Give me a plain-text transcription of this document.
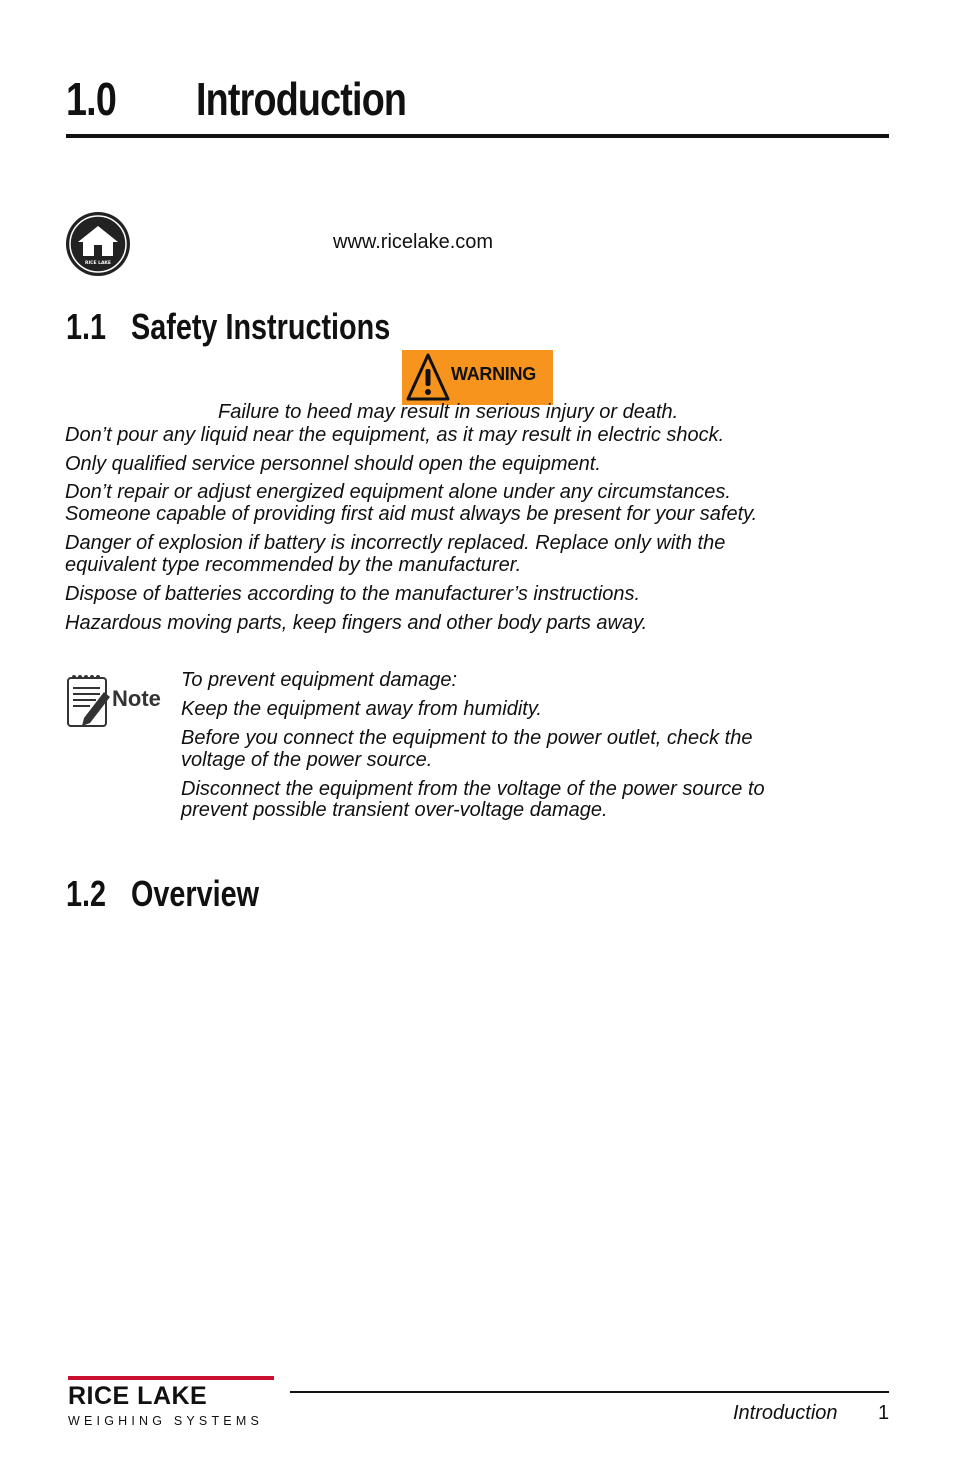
1.0 Introduction
RICE LAKE
www.ricelake.com
1.1 Safety Instructions
WARNING
Failure to heed may result in serious injury or death.
Don’t pour any liquid near the equipment, as it may result in electric shock.
Only qualified service personnel should open the equipment.
Don’t repair or adjust energized equipment alone under any circumstances.
Someone capable of providing first aid must always be present for your safety.
Danger of explosion if battery is incorrectly replaced. Replace only with the
equivalent type recommended by the manufacturer.
Dispose of batteries according to the manufacturer’s instructions.
Hazardous moving parts, keep fingers and other body parts away.
Note
To prevent equipment damage:
Keep the equipment away from humidity.
Before you connect the equipment to the power outlet, check the
voltage of the power source.
Disconnect the equipment from the voltage of the power source to
prevent possible transient over-voltage damage.
1.2 Overview
RICE LAKE
WEIGHING SYSTEMS	Introduction 1
